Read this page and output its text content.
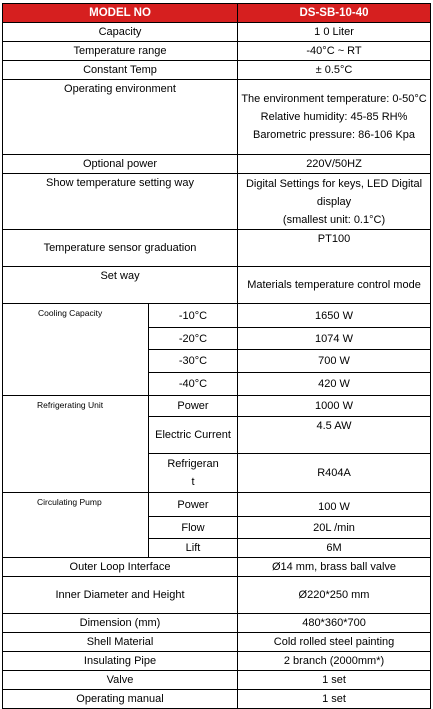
MODEL NO		DS-SB-10-40
Capacity		1 0 Liter
Temperature range		-40°C ~ RT
Constant Temp		± 0.5°C
Operating environment		The environment temperature: 0-50°C
Relative humidity: 45-85 RH%
Barometric pressure: 86-106 Kpa

Optional power		220V/50HZ
Show temperature setting way		Digital Settings for keys, LED Digital display
(smallest unit: 0.1°C)

Temperature sensor graduation		PT100
Set way		Materials temperature control mode
Cooling Capacity	-10°C	1650 W
	-20°C	1074 W
	-30°C	700 W
	-40°C	420 W
Refrigerating Unit	Power	1000 W
	Electric Current	4.5 AW
	Refrigerant	R404A
Circulating Pump	Power	100 W
	Flow	20L /min
	Lift	6M
Outer Loop Interface		Ø14 mm, brass ball valve
Inner Diameter and Height		Ø220*250 mm
Dimension (mm)		480*360*700
Shell Material		Cold rolled steel painting
Insulating Pipe		2 branch (2000mm*)
Valve		1 set
Operating manual		1 set
